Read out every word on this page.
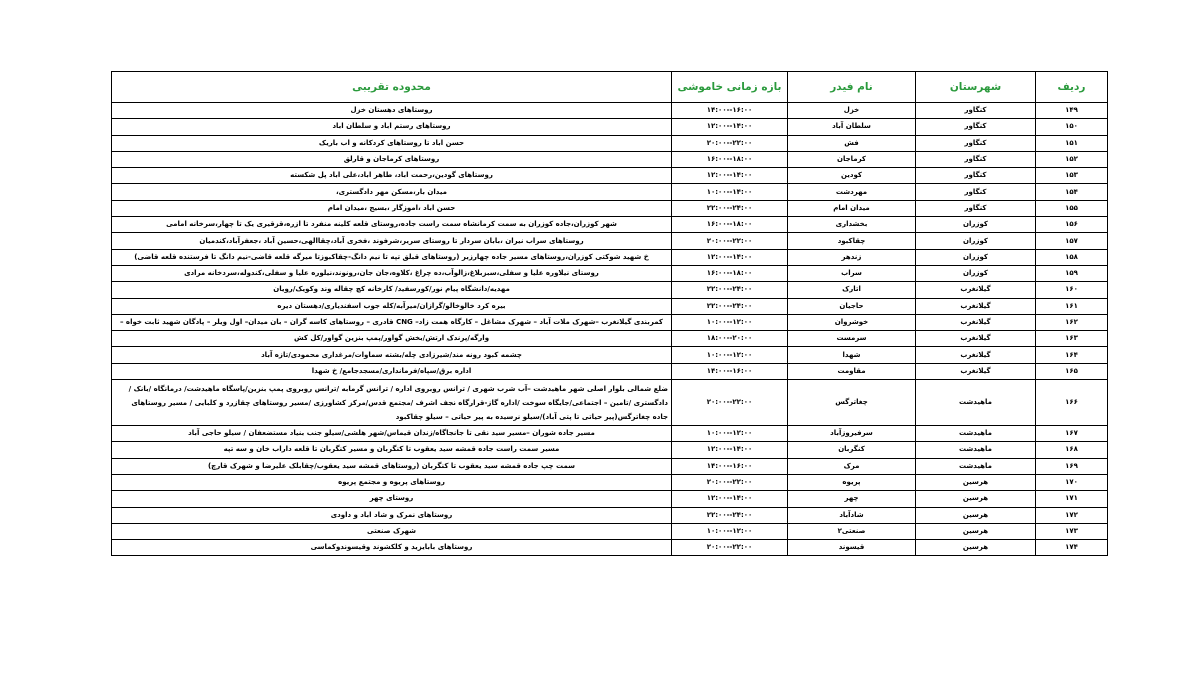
ردیف	شهرستان	نام فیدر	بازه زمانی خاموشی	محدوده تقریبی
۱۴۹	کنگاور	خزل	۱۶:۰۰--۱۴:۰۰	روستاهای دهستان خزل
۱۵۰	کنگاور	سلطان آباد	۱۴:۰۰--۱۲:۰۰	روستاهای رستم اباد و سلطان اباد
۱۵۱	کنگاور	فش	۲۲:۰۰--۲۰:۰۰	حسن اباد تا روستاهای کردکانه و اب باریک
۱۵۲	کنگاور	کرماجان	۱۸:۰۰--۱۶:۰۰	روستاهای کرماجان و قارلق
۱۵۳	کنگاور	کودین	۱۴:۰۰--۱۲:۰۰	روستاهای گودین،رحمت اباد، طاهر اباد،علی اباد پل شکسته
۱۵۴	کنگاور	مهردشت	۱۴:۰۰--۱۰:۰۰	میدان بار،مسکن مهر دادگستری،
۱۵۵	کنگاور	میدان امام	۲۴:۰۰--۲۲:۰۰	حسن اباد ،اموزگار ،بسیج ،میدان امام
۱۵۶	کوزران	بخشداری	۱۸:۰۰--۱۶:۰۰	شهر کوزران،جاده کوزران به سمت کرمانشاه سمت راست جاده،روستای قلعه کلینه منفرد تا ازره،قزقیری یک تا چهار،سرخانه امامی
۱۵۷	کوزران	چقاکبود	۲۲:۰۰--۲۰:۰۰	روستاهای سراب نیران ،بابان سردار تا روستای سریر،شرفوند ،فخری آباد،چقاالهی،حسین آباد ،جعفرآباد،کندمیان
۱۵۸	کوزران	زندهر	۱۴:۰۰--۱۲:۰۰	خ شهید شوکتی کوزران،روستاهای مسیر جاده چهارزبر (روستاهای قبلق تپه تا نیم دانگ-چقاکبوزتا میرگه قلعه قاضی-نیم دانگ تا فرستنده قلعه قاضی)
۱۵۹	کوزران	سراب	۱۸:۰۰--۱۶:۰۰	روستای نیلاوره علیا و سفلی،سبزبلاغ،زالوآب،ده چراغ ،کلاوه،جان جان،رونوند،نیلوره علیا و سفلی،کندوله،سردخانه مرادی
۱۶۰	گیلانغرب	اتارک	۲۴:۰۰--۲۲:۰۰	مهدیه/دانشگاه پیام نور/کورسفید/ کارخانه کچ چقاله وند وکویک/رویان
۱۶۱	گیلانغرب	حاجیان	۲۴:۰۰--۲۲:۰۰	بیره کرد خالوخالو/گرازان/میرآبه/کله جوب اسفندیاری/دهستان دیره
۱۶۲	گیلانغرب	خوشروان	۱۲:۰۰--۱۰:۰۰	کمربندی گیلانغرب –شهرک ملات آباد – شهرک مشاغل – کارگاه همت زاد– CNG قادری – روستاهای کاسه گران – بان میدان– اول ویلر – پادگان شهید ثابت خواه –
۱۶۳	گیلانغرب	سرمست	۲۰:۰۰--۱۸:۰۰	وارگه/پرندک ارتش/بخش گواور/پمپ بنزین گواور/کل کش
۱۶۴	گیلانغرب	شهدا	۱۲:۰۰--۱۰:۰۰	چشمه کبود رونه مند/شیرزادی چله/بشته سماوات/مرغداری محمودی/تازه آباد
۱۶۵	گیلانغرب	مقاومت	۱۶:۰۰--۱۴:۰۰	اداره برق/سپاه/فرمانداری/مسجدجامع/ خ شهدا
۱۶۶	ماهیدشت	چغاترگس	۲۲:۰۰--۲۰:۰۰	ضلع شمالی بلوار اصلی شهر ماهیدشت –آب شرب شهری / ترانس روبروی اداره / ترانس گرمابه /ترانس روبروی پمپ بنزین/پاسگاه ماهیدشت/ درمانگاه /بانک /دادگستری /تامین – اجتماعی/جایگاه سوخت /اداره گاز-قرارگاه نجف اشرف /مجتمع قدس/مرکز کشاورزی /مسیر روستاهای چقازرد و کلبایی / مسیر روستاهای جاده چغاترگس(پیر حیاتی تا پتی آباد)/سیلو نرسیده به پیر حیاتی – سیلو چقاکبود
۱۶۷	ماهیدشت	سرفیروزآباد	۱۲:۰۰--۱۰:۰۰	مسیر جاده شوران –مسیر سید نقی تا جانجاگاه/زندان قیماس/شهر هلشی/سیلو جنب بنیاد مستضعفان / سیلو حاجی آباد
۱۶۸	ماهیدشت	کنگربان	۱۴:۰۰--۱۲:۰۰	مسیر سمت راست جاده قمشه سید یعقوب تا کنگربان و مسیر کنگربان تا قلعه داراب خان و سه تپه
۱۶۹	ماهیدشت	مرک	۱۶:۰۰--۱۴:۰۰	سمت چپ جاده قمشه سید یعقوب تا کنگربان (روستاهای قمشه سید یعقوب/چقابلک علیرضا و شهرک قارچ)
۱۷۰	هرسین	پریوه	۲۲:۰۰--۲۰:۰۰	روستاهای پریوه و مجتمع پریوه
۱۷۱	هرسین	چهر	۱۴:۰۰--۱۲:۰۰	روستای چهر
۱۷۲	هرسین	شادآباد	۲۴:۰۰--۲۲:۰۰	روستاهای نمرک و شاد اباد و داودی
۱۷۳	هرسین	صنعتی۲	۱۲:۰۰--۱۰:۰۰	شهرک صنعتی
۱۷۴	هرسین	قیسوند	۲۲:۰۰--۲۰:۰۰	روستاهای بابایزید و کلکشوند وقیسوندوکماسی
